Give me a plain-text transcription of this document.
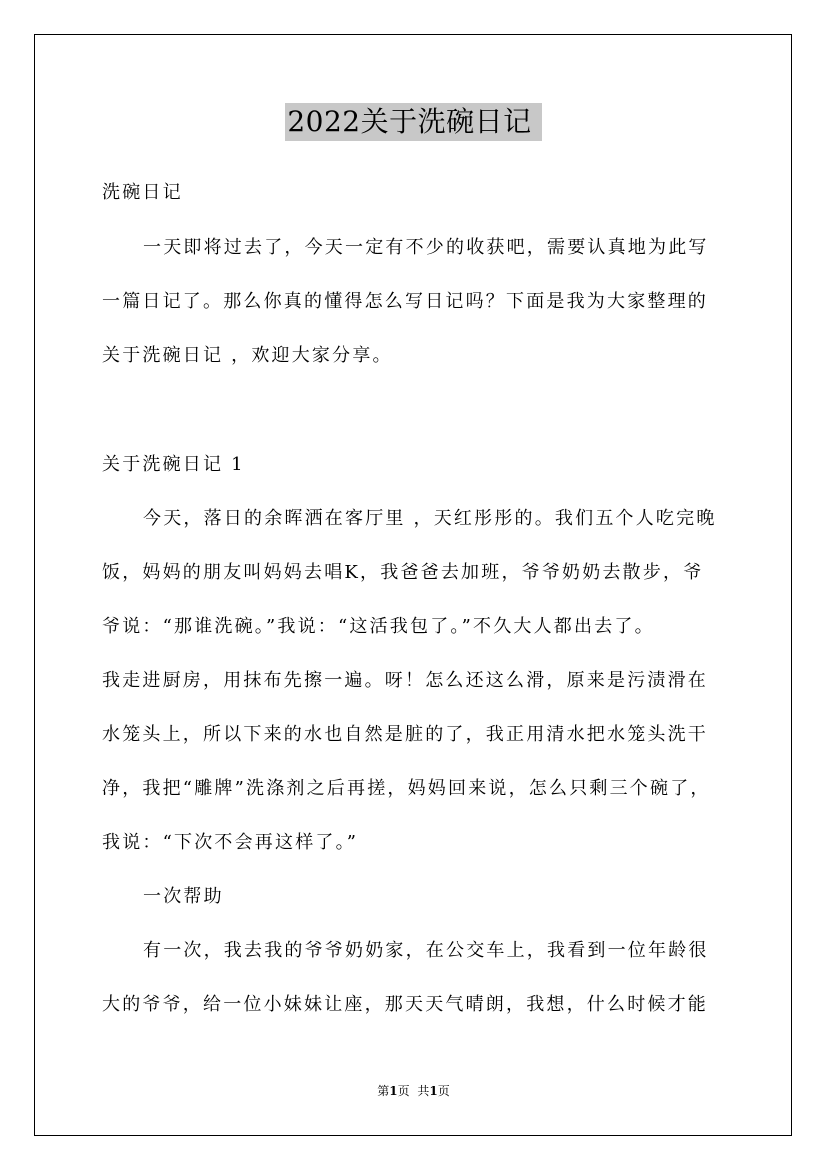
2022关于洗碗日记
洗碗日记
一天即将过去了，今天一定有不少的收获吧，需要认真地为此写
一篇日记了。那么你真的懂得怎么写日记吗？下面是我为大家整理的
关于洗碗日记 ，欢迎大家分享。
关于洗碗日记 1
今天，落日的余晖洒在客厅里 ，天红彤彤的。我们五个人吃完晚
饭，妈妈的朋友叫妈妈去唱K，我爸爸去加班，爷爷奶奶去散步，爷
爷说：“那谁洗碗。”我说：“这活我包了。”不久大人都出去了。
我走进厨房，用抹布先擦一遍。呀！怎么还这么滑，原来是污渍滑在
水笼头上，所以下来的水也自然是脏的了，我正用清水把水笼头洗干
净，我把“雕牌”洗涤剂之后再搓，妈妈回来说，怎么只剩三个碗了，
我说：“下次不会再这样了。”
一次帮助
有一次，我去我的爷爷奶奶家，在公交车上，我看到一位年龄很
大的爷爷，给一位小妹妹让座，那天天气晴朗，我想，什么时候才能
第1页 共1页
